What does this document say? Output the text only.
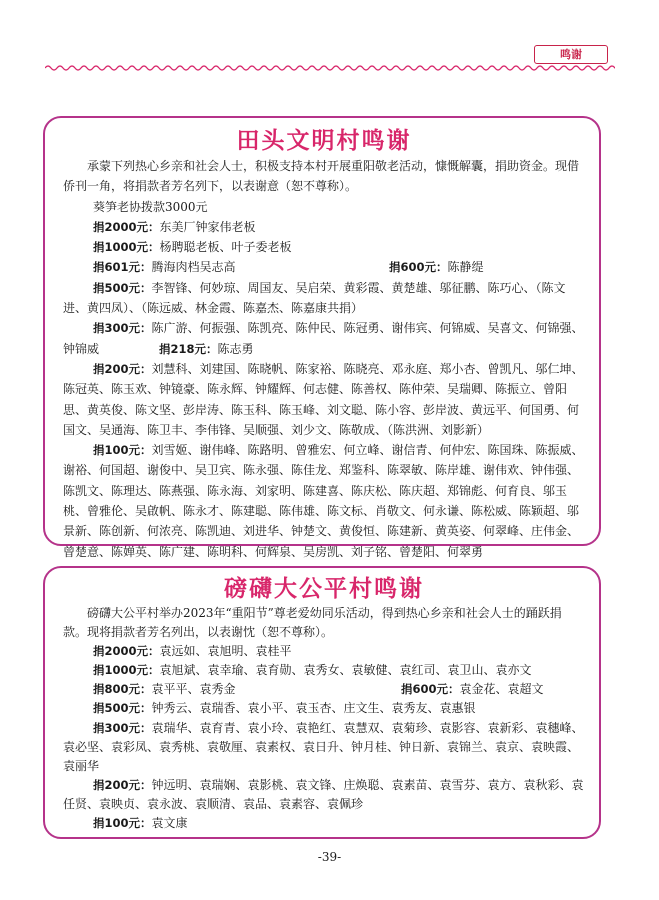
鸣谢
田头文明村鸣谢

承蒙下列热心乡亲和社会人士，积极支持本村开展重阳敬老活动，慷慨解囊，捐助资金。现借侨刊一角，将捐款者芳名列下，以表谢意（恕不尊称）。

葵笋老协拨款3000元

捐2000元：东美厂钟家伟老板

捐1000元：杨聘聪老板、叶子委老板

捐601元：腾海肉档吴志高	捐600元：陈静缇

捐500元：李智锋、何妙琼、周国友、吴启荣、黄彩霞、黄楚雄、邬征鹏、陈巧心、（陈文进、黄四凤）、（陈远威、林金霞、陈嘉杰、陈嘉康共捐）

捐300元：陈广游、何振强、陈凯亮、陈仲民、陈冠勇、谢伟宾、何锦威、吴喜文、何锦强、钟锦威　　　　　	捐218元：陈志勇

捐200元：刘慧科、刘建国、陈晓帆、陈家裕、陈晓亮、邓永庭、郑小杏、曾凯凡、邬仁坤、陈冠英、陈玉欢、钟镜豪、陈永辉、钟耀辉、何志健、陈善权、陈仲荣、吴瑞卿、陈振立、曾阳思、黄英俊、陈文坚、彭岸涛、陈玉科、陈玉峰、刘文聪、陈小容、彭岸波、黄远平、何国勇、何国文、吴通海、陈卫丰、李伟锋、吴顺强、刘少文、陈敬成、（陈洪洲、刘影新）

捐100元：刘雪姬、谢伟峰、陈路明、曾雅宏、何立峰、谢信青、何仲宏、陈国珠、陈振威、谢裕、何国超、谢俊中、吴卫宾、陈永强、陈佳龙、郑鉴科、陈翠敏、陈岸雄、谢伟欢、钟伟强、陈凯文、陈理达、陈燕强、陈永海、刘家明、陈建喜、陈庆松、陈庆超、郑锦彪、何育良、邬玉桃、曾雅伦、吴啟帆、陈永才、陈建聪、陈伟雄、陈文标、肖敬文、何永谦、陈松威、陈颖超、邬景新、陈创新、何浓亮、陈凯迪、刘进华、钟楚文、黄俊恒、陈建新、黄英姿、何翠峰、庄伟金、曾楚意、陈婵英、陈广建、陈明科、何辉泉、吴房凯、刘子铭、曾楚阳、何翠勇

磅礴大公平村鸣谢

磅礴大公平村举办2023年“重阳节”尊老爱幼同乐活动，得到热心乡亲和社会人士的踊跃捐款。现将捐款者芳名列出，以表谢忱（恕不尊称）。

捐2000元：袁远如、袁旭明、袁桂平

捐1000元：袁旭斌、袁幸瑜、袁育勋、袁秀女、袁敏健、袁红司、袁卫山、袁亦文

捐800元：袁平平、袁秀金	捐600元：袁金花、袁超文

捐500元：钟秀云、袁瑞香、袁小平、袁玉杏、庄文生、袁秀友、袁惠银

捐300元：袁瑞华、袁育青、袁小玲、袁艳红、袁慧双、袁菊珍、袁影容、袁新彩、袁穗峰、袁必坚、袁彩凤、袁秀桃、袁敬厘、袁素权、袁日升、钟月桂、钟日新、袁锦兰、袁京、袁映霞、袁丽华

捐200元：钟远明、袁瑞娴、袁影桃、袁文锋、庄焕聪、袁素苗、袁雪芬、袁方、袁秋彩、袁任贤、袁映贞、袁永波、袁顺清、袁品、袁素容、袁佩珍

捐100元：袁文康

-39-
